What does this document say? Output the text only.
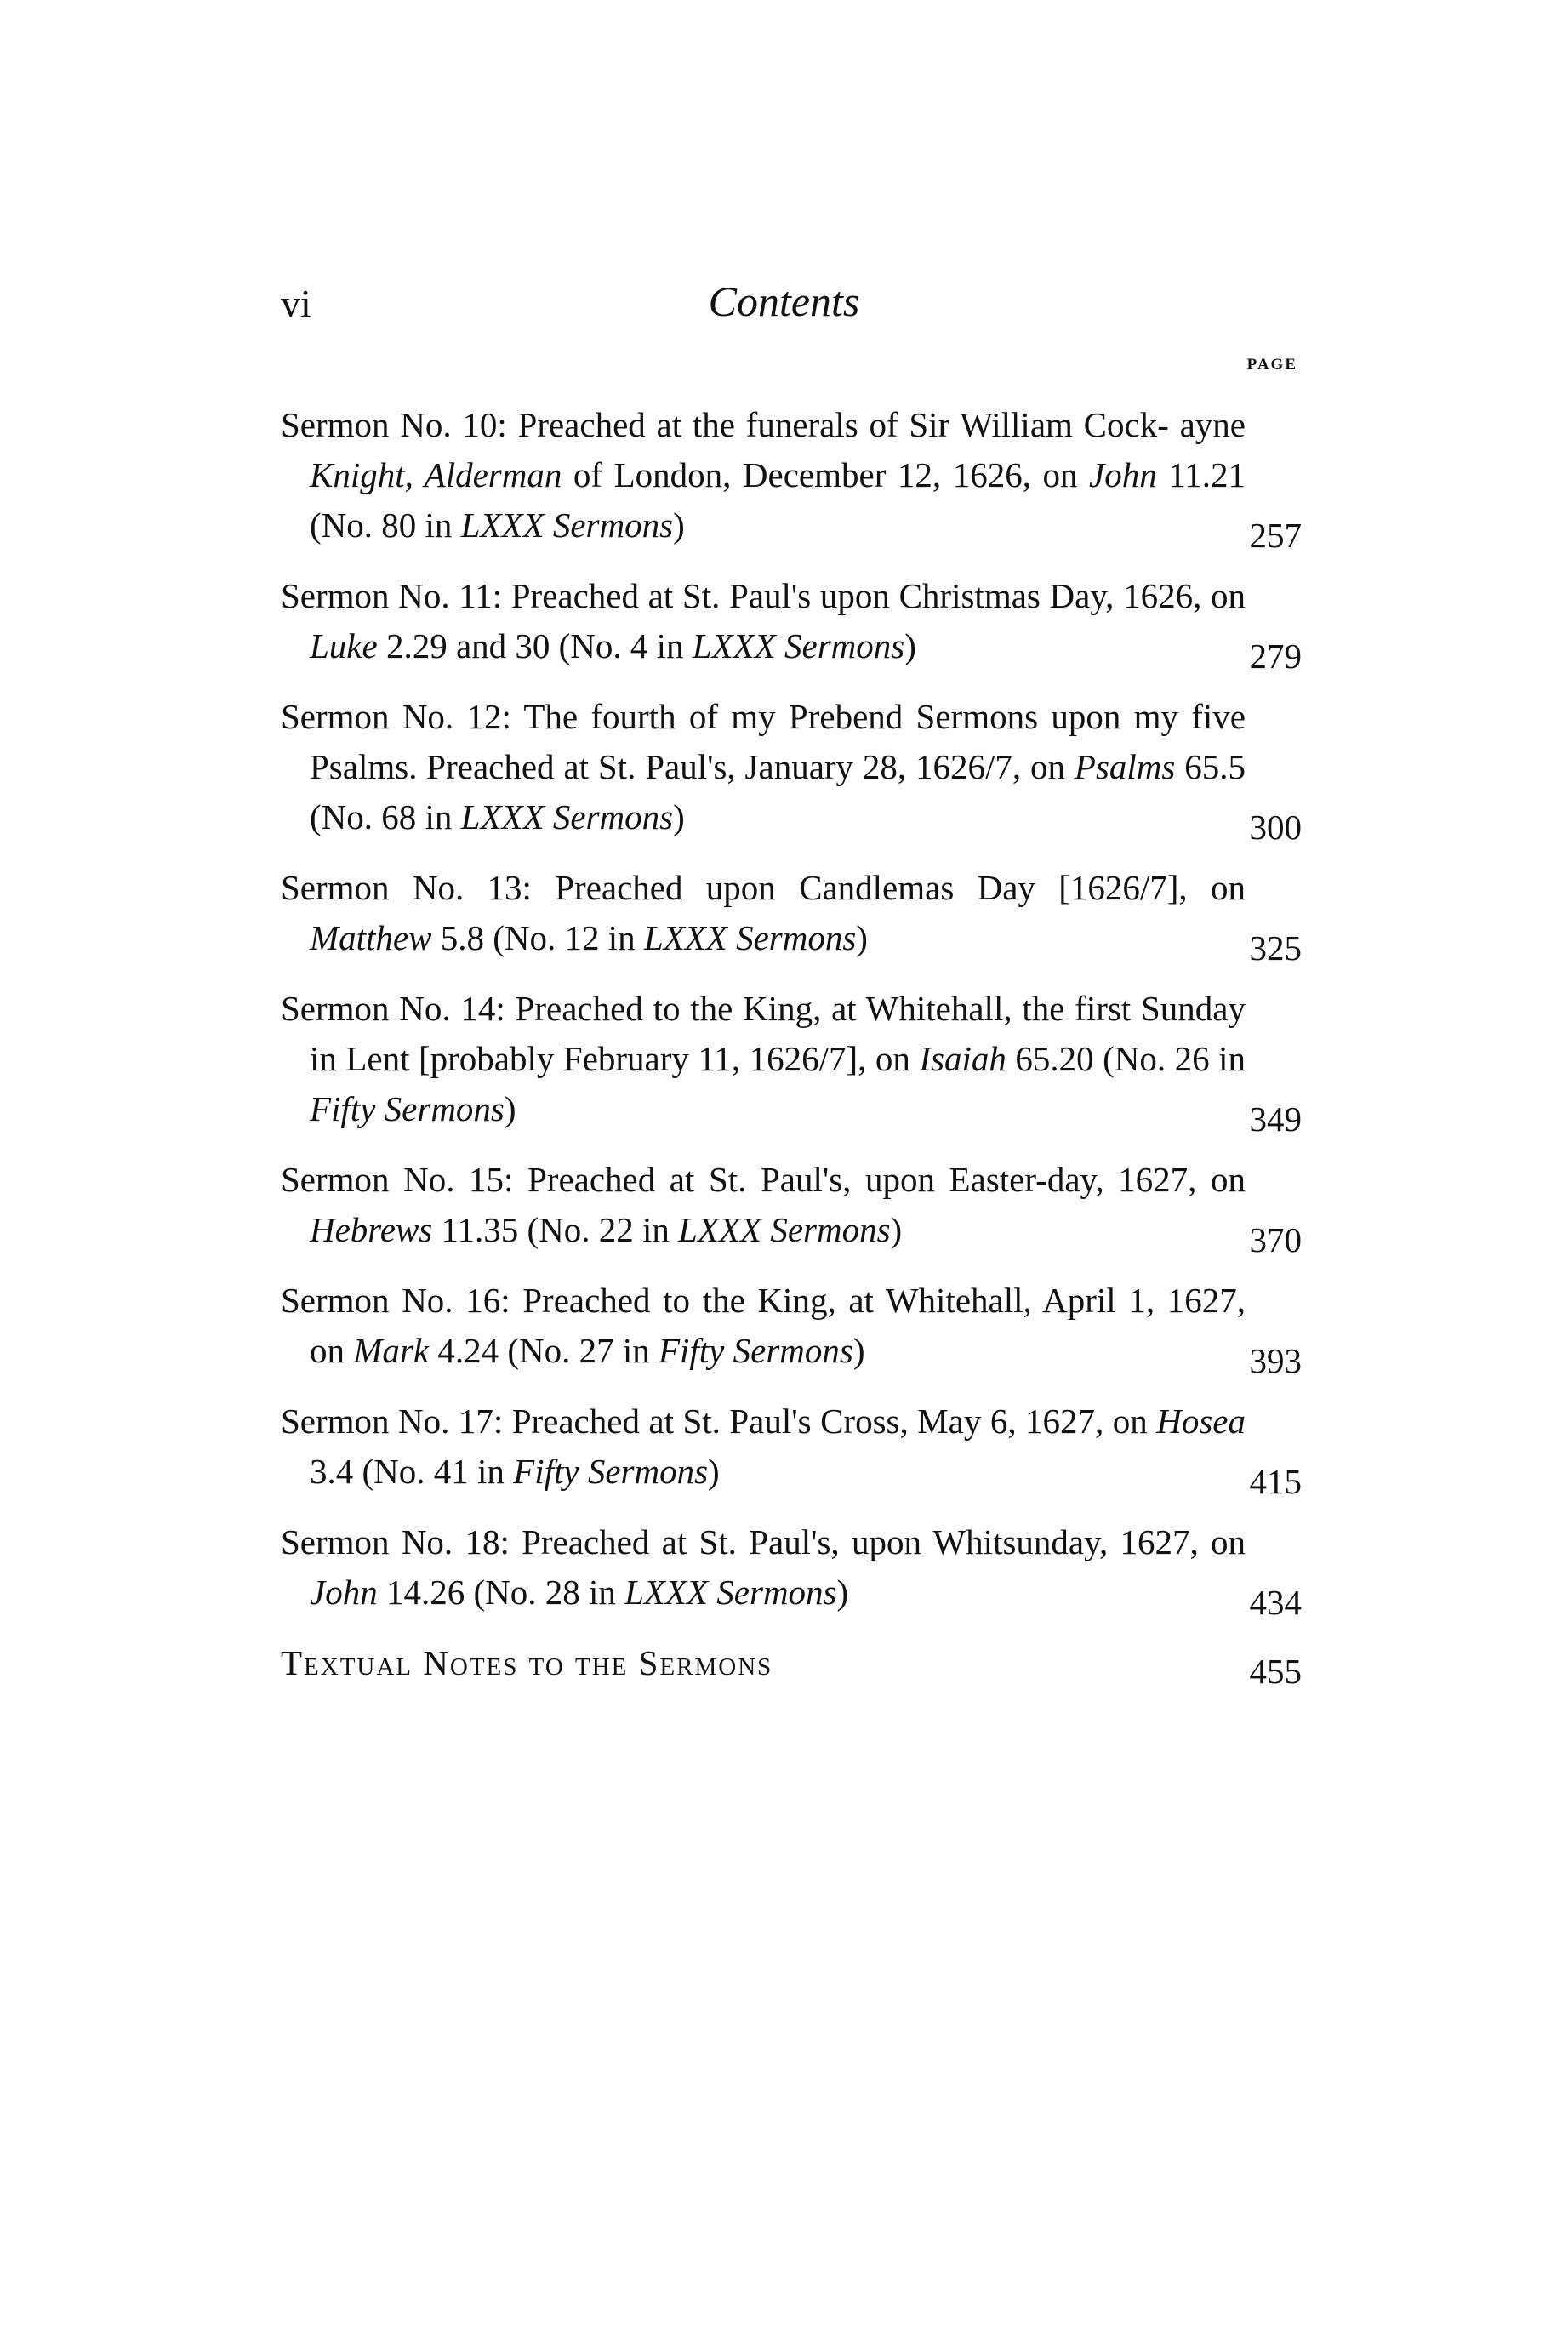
vi	Contents
PAGE
Sermon No. 10: Preached at the funerals of Sir William Cock- ayne Knight, Alderman of London, December 12, 1626, on John 11.21 (No. 80 in LXXX Sermons)	257
Sermon No. 11: Preached at St. Paul's upon Christmas Day, 1626, on Luke 2.29 and 30 (No. 4 in LXXX Sermons)	279
Sermon No. 12: The fourth of my Prebend Sermons upon my five Psalms. Preached at St. Paul's, January 28, 1626/7, on Psalms 65.5 (No. 68 in LXXX Sermons)	300
Sermon No. 13: Preached upon Candlemas Day [1626/7], on Matthew 5.8 (No. 12 in LXXX Sermons)	325
Sermon No. 14: Preached to the King, at Whitehall, the first Sunday in Lent [probably February 11, 1626/7], on Isaiah 65.20 (No. 26 in Fifty Sermons)	349
Sermon No. 15: Preached at St. Paul's, upon Easter-day, 1627, on Hebrews 11.35 (No. 22 in LXXX Sermons)	370
Sermon No. 16: Preached to the King, at Whitehall, April 1, 1627, on Mark 4.24 (No. 27 in Fifty Sermons)	393
Sermon No. 17: Preached at St. Paul's Cross, May 6, 1627, on Hosea 3.4 (No. 41 in Fifty Sermons)	415
Sermon No. 18: Preached at St. Paul's, upon Whitsunday, 1627, on John 14.26 (No. 28 in LXXX Sermons)	434
Textual Notes to the Sermons	455
